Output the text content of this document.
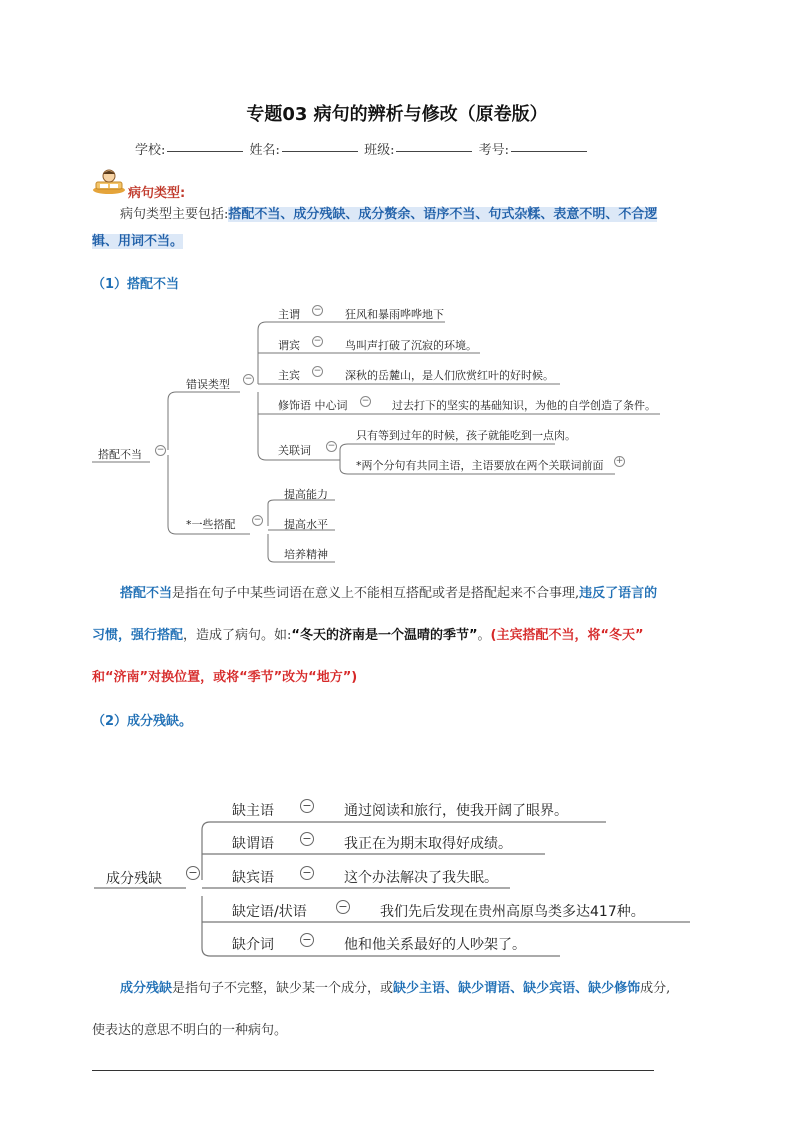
专题03 病句的辨析与修改（原卷版）
学校:	姓名:	班级:	考号:
病句类型:
病句类型主要包括:搭配不当、成分残缺、成分赘余、语序不当、句式杂糅、表意不明、不合逻
辑、用词不当。
（1）搭配不当
搭配不当 −
错误类型 −
*一些搭配 −
主谓 − 狂风和暴雨哗哗地下
谓宾 − 鸟叫声打破了沉寂的环境。
主宾 − 深秋的岳麓山，是人们欣赏红叶的好时候。
修饰语 中心词 − 过去打下的坚实的基础知识，为他的自学创造了条件。
关联词 −
只有等到过年的时候，孩子就能吃到一点肉。
*两个分句有共同主语，主语要放在两个关联词前面 +
提高能力
提高水平
培养精神
搭配不当是指在句子中某些词语在意义上不能相互搭配或者是搭配起来不合事理,违反了语言的
习惯，强行搭配，造成了病句。如:“冬天的济南是一个温晴的季节”。(主宾搭配不当，将“冬天”
和“济南”对换位置，或将“季节”改为“地方”)
（2）成分残缺。
成分残缺 −
缺主语	− 通过阅读和旅行，使我开阔了眼界。
缺谓语	− 我正在为期末取得好成绩。
缺宾语	− 这个办法解决了我失眠。
缺定语/状语	− 我们先后发现在贵州高原鸟类多达417种。
缺介词	− 他和他关系最好的人吵架了。
成分残缺是指句子不完整，缺少某一个成分，或缺少主语、缺少谓语、缺少宾语、缺少修饰成分,
使表达的意思不明白的一种病句。
